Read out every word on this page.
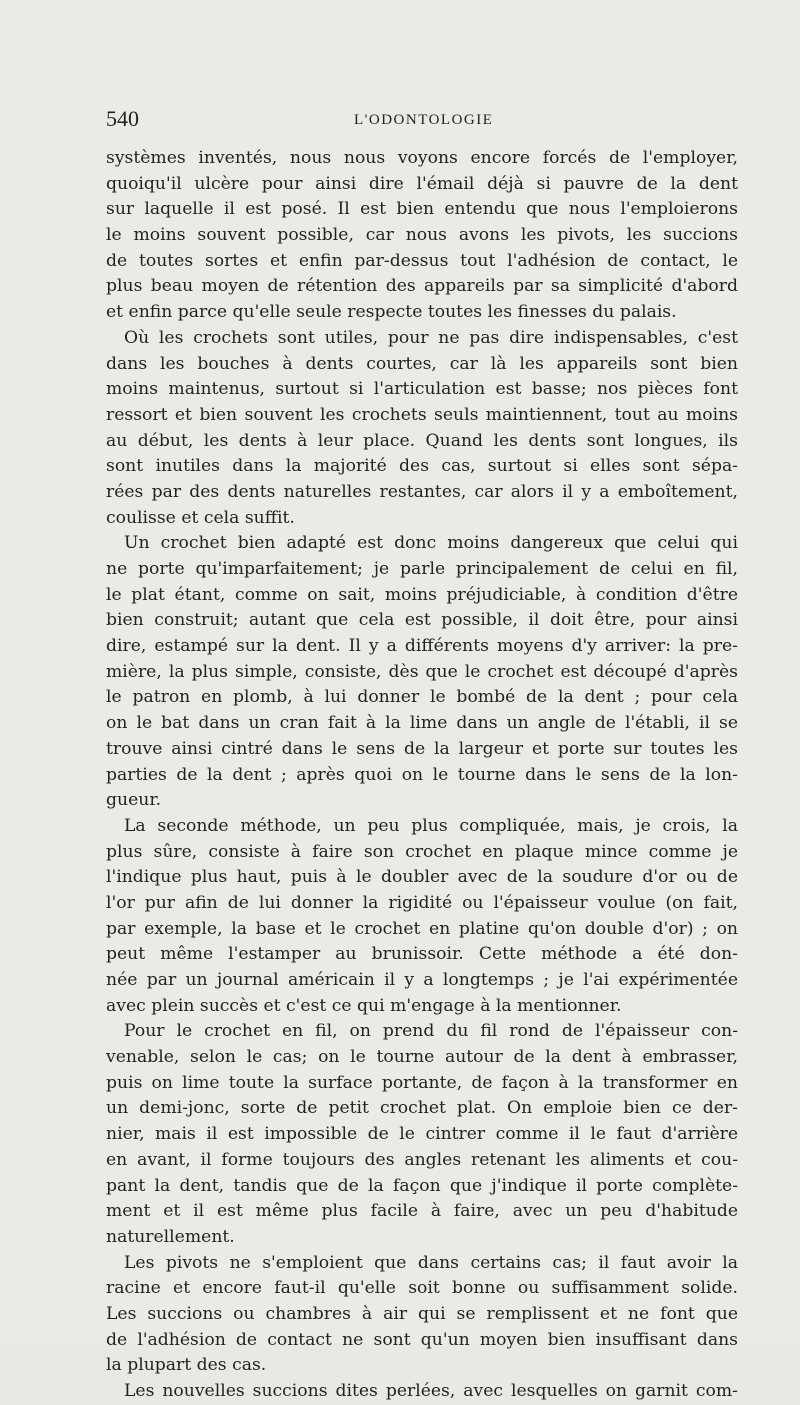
540	L'ODONTOLOGIE
systèmes inventés, nous nous voyons encore forcés de l'employer,
quoiqu'il ulcère pour ainsi dire l'émail déjà si pauvre de la dent
sur laquelle il est posé. Il est bien entendu que nous l'emploierons
le moins souvent possible, car nous avons les pivots, les succions
de toutes sortes et enfin par-dessus tout l'adhésion de contact, le
plus beau moyen de rétention des appareils par sa simplicité d'abord
et enfin parce qu'elle seule respecte toutes les finesses du palais.
Où les crochets sont utiles, pour ne pas dire indispensables, c'est
dans les bouches à dents courtes, car là les appareils sont bien
moins maintenus, surtout si l'articulation est basse; nos pièces font
ressort et bien souvent les crochets seuls maintiennent, tout au moins
au début, les dents à leur place. Quand les dents sont longues, ils
sont inutiles dans la majorité des cas, surtout si elles sont sépa-
rées par des dents naturelles restantes, car alors il y a emboîtement,
coulisse et cela suffit.
Un crochet bien adapté est donc moins dangereux que celui qui
ne porte qu'imparfaitement; je parle principalement de celui en fil,
le plat étant, comme on sait, moins préjudiciable, à condition d'être
bien construit; autant que cela est possible, il doit être, pour ainsi
dire, estampé sur la dent. Il y a différents moyens d'y arriver: la pre-
mière, la plus simple, consiste, dès que le crochet est découpé d'après
le patron en plomb, à lui donner le bombé de la dent ; pour cela
on le bat dans un cran fait à la lime dans un angle de l'établi, il se
trouve ainsi cintré dans le sens de la largeur et porte sur toutes les
parties de la dent ; après quoi on le tourne dans le sens de la lon-
gueur.
La seconde méthode, un peu plus compliquée, mais, je crois, la
plus sûre, consiste à faire son crochet en plaque mince comme je
l'indique plus haut, puis à le doubler avec de la soudure d'or ou de
l'or pur afin de lui donner la rigidité ou l'épaisseur voulue (on fait,
par exemple, la base et le crochet en platine qu'on double d'or) ; on
peut même l'estamper au brunissoir. Cette méthode a été don-
née par un journal américain il y a longtemps ; je l'ai expérimentée
avec plein succès et c'est ce qui m'engage à la mentionner.
Pour le crochet en fil, on prend du fil rond de l'épaisseur con-
venable, selon le cas; on le tourne autour de la dent à embrasser,
puis on lime toute la surface portante, de façon à la transformer en
un demi-jonc, sorte de petit crochet plat. On emploie bien ce der-
nier, mais il est impossible de le cintrer comme il le faut d'arrière
en avant, il forme toujours des angles retenant les aliments et cou-
pant la dent, tandis que de la façon que j'indique il porte complète-
ment et il est même plus facile à faire, avec un peu d'habitude
naturellement.
Les pivots ne s'emploient que dans certains cas; il faut avoir la
racine et encore faut-il qu'elle soit bonne ou suffisamment solide.
Les succions ou chambres à air qui se remplissent et ne font que
de l'adhésion de contact ne sont qu'un moyen bien insuffisant dans
la plupart des cas.
Les nouvelles succions dites perlées, avec lesquelles on garnit com-
